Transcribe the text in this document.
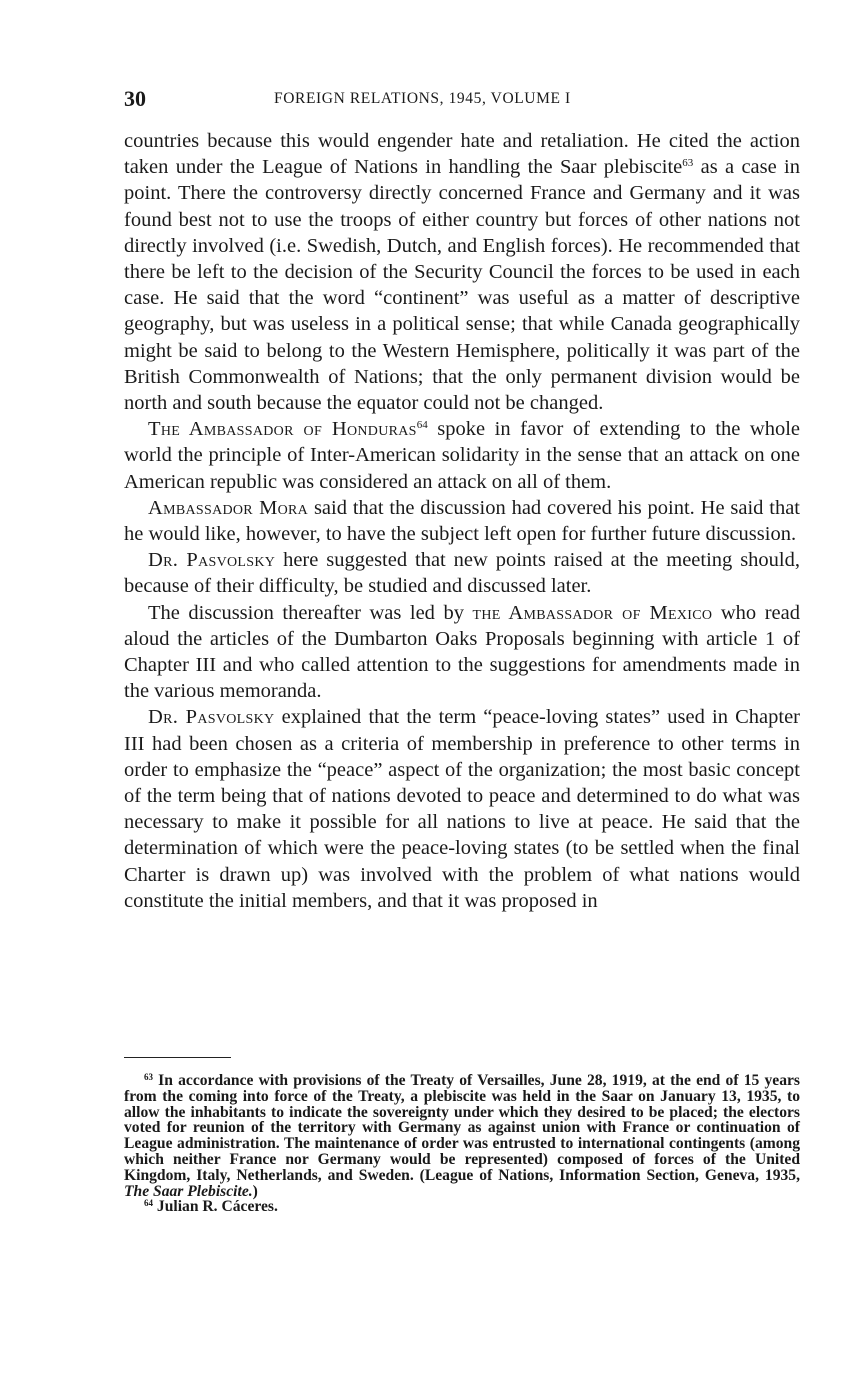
30	FOREIGN RELATIONS, 1945, VOLUME I

countries because this would engender hate and retaliation. He cited the action taken under the League of Nations in handling the Saar plebiscite$^{63}$ as a case in point. There the controversy directly concerned France and Germany and it was found best not to use the troops of either country but forces of other nations not directly involved (i.e. Swedish, Dutch, and English forces). He recommended that there be left to the decision of the Security Council the forces to be used in each case. He said that the word “continent” was useful as a matter of descriptive geography, but was useless in a political sense; that while Canada geographically might be said to belong to the Western Hemisphere, politically it was part of the British Commonwealth of Nations; that the only permanent division would be north and south because the equator could not be changed.

The Ambassador of Honduras$^{64}$ spoke in favor of extending to the whole world the principle of Inter-American solidarity in the sense that an attack on one American republic was considered an attack on all of them.

Ambassador Mora said that the discussion had covered his point. He said that he would like, however, to have the subject left open for further future discussion.

Dr. Pasvolsky here suggested that new points raised at the meeting should, because of their difficulty, be studied and discussed later.

The discussion thereafter was led by the Ambassador of Mexico who read aloud the articles of the Dumbarton Oaks Proposals beginning with article 1 of Chapter III and who called attention to the suggestions for amendments made in the various memoranda.

Dr. Pasvolsky explained that the term “peace-loving states” used in Chapter III had been chosen as a criteria of membership in preference to other terms in order to emphasize the “peace” aspect of the organization; the most basic concept of the term being that of nations devoted to peace and determined to do what was necessary to make it possible for all nations to live at peace. He said that the determination of which were the peace-loving states (to be settled when the final Charter is drawn up) was involved with the problem of what nations would constitute the initial members, and that it was proposed in

$^{63}$ In accordance with provisions of the Treaty of Versailles, June 28, 1919, at the end of 15 years from the coming into force of the Treaty, a plebiscite was held in the Saar on January 13, 1935, to allow the inhabitants to indicate the sovereignty under which they desired to be placed; the electors voted for reunion of the territory with Germany as against union with France or continuation of League administration. The maintenance of order was entrusted to international contingents (among which neither France nor Germany would be represented) composed of forces of the United Kingdom, Italy, Netherlands, and Sweden. (League of Nations, Information Section, Geneva, 1935, The Saar Plebiscite.)

$^{64}$ Julian R. Cáceres.
